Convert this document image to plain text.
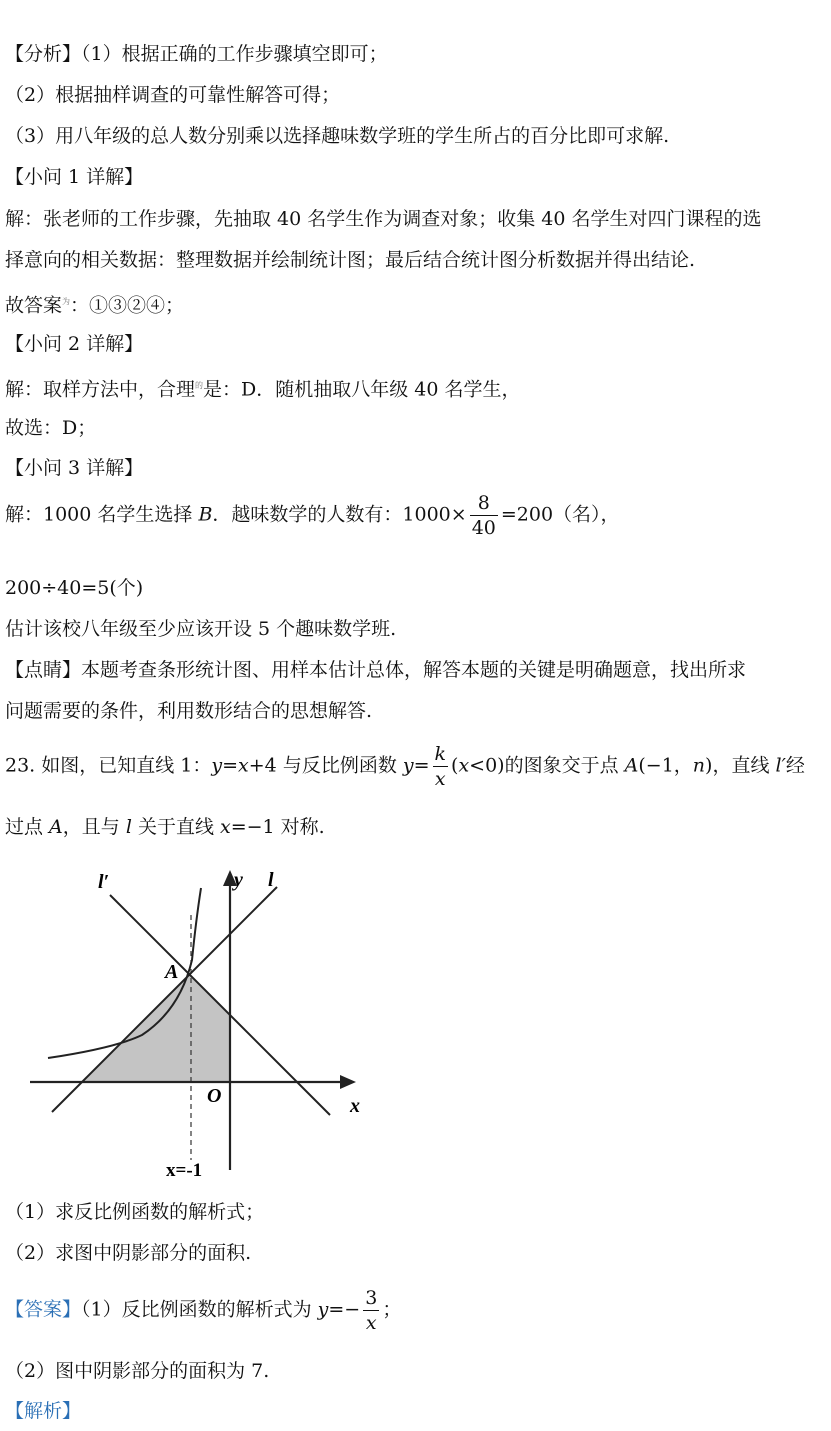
【分析】（1）根据正确的工作步骤填空即可；
（2）根据抽样调查的可靠性解答可得；
（3）用八年级的总人数分别乘以选择趣味数学班的学生所占的百分比即可求解.
【小问 1 详解】
解：张老师的工作步骤，先抽取 40 名学生作为调查对象；收集 40 名学生对四门课程的选
择意向的相关数据：整理数据并绘制统计图；最后结合统计图分析数据并得出结论.
故答案$^为$：①③②④；
【小问 2 详解】
解：取样方法中，合理$^的$是：D．随机抽取八年级 40 名学生，
故选：D；
【小问 3 详解】
解：1000 名学生选择 B．越味数学的人数有：$1000\times \frac{8}{40} =200$（名），
200÷40=5(个)
估计该校八年级至少应该开设 5 个趣味数学班.
【点睛】本题考查条形统计图、用样本估计总体，解答本题的关键是明确题意，找出所求
问题需要的条件，利用数形结合的思想解答.
23. 如图，已知直线 1：y=x+4 与反比例函数 $y= \frac{k}{x} (x<0)$的图象交于点 A(−1，n)，直线 l′经
过点 A，且与 l 关于直线 x=−1 对称.
l′	l
y
x
A
O
x=-1
（1）求反比例函数的解析式；
（2）求图中阴影部分的面积.
【答案】（1）反比例函数的解析式为 $y=- \frac{3}{x}$ ；
（2）图中阴影部分的面积为 7.
【解析】
